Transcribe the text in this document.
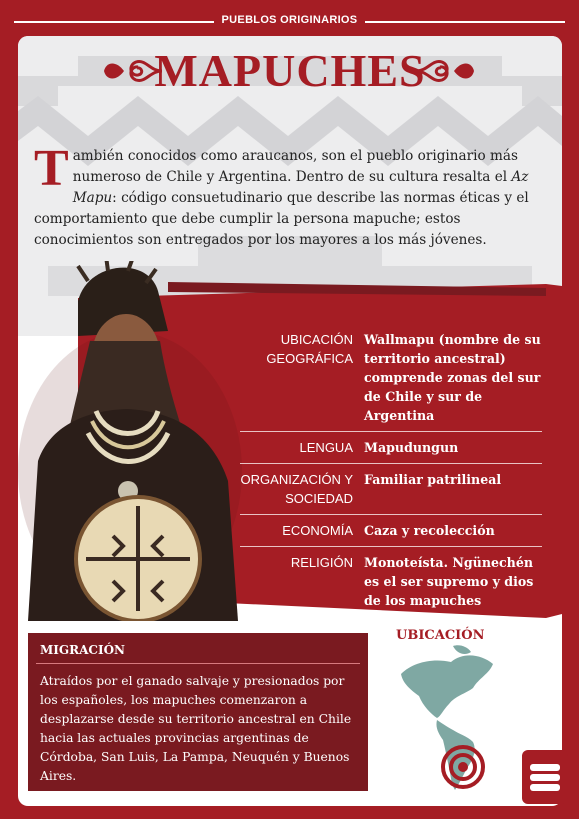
PUEBLOS ORIGINARIOS
MAPUCHES
También conocidos como araucanos, son el pueblo originario más numeroso de Chile y Argentina. Dentro de su cultura resalta el Az Mapu: código consuetudinario que describe las normas éticas y el comportamiento que debe cumplir la persona mapuche; estos conocimientos son entregados por los mayores a los más jóvenes.
UBICACIÓN GEOGRÁFICA
Wallmapu (nombre de su territorio ancestral) comprende zonas del sur de Chile y sur de Argentina
LENGUA Mapudungun
ORGANIZACIÓN Y SOCIEDAD
Familiar patrilineal
ECONOMÍA Caza y recolección
RELIGIÓN Monoteísta. Ngünechén es el ser supremo y dios de los mapuches
MIGRACIÓN
Atraídos por el ganado salvaje y presionados por los españoles, los mapuches comenzaron a desplazarse desde su territorio ancestral en Chile hacia las actuales provincias argentinas de Córdoba, San Luis, La Pampa, Neuquén y Buenos Aires.
UBICACIÓN
